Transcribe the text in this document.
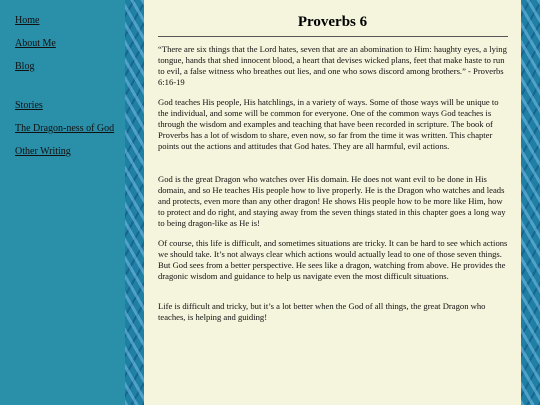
Home
About Me
Blog
Stories
The Dragon-ness of God
Other Writing
Proverbs 6

“There are six things that the Lord hates, seven that are an abomination to Him: haughty eyes, a lying tongue, hands that shed innocent blood, a heart that devises wicked plans, feet that make haste to run to evil, a false witness who breathes out lies, and one who sows discord among brothers.” - Proverbs 6:16-19

God teaches His people, His hatchlings, in a variety of ways. Some of those ways will be unique to the individual, and some will be common for everyone. One of the common ways God teaches is through the wisdom and examples and teaching that have been recorded in scripture. The book of Proverbs has a lot of wisdom to share, even now, so far from the time it was written. This chapter points out the actions and attitudes that God hates. They are all harmful, evil actions.

God is the great Dragon who watches over His domain. He does not want evil to be done in His domain, and so He teaches His people how to live properly. He is the Dragon who watches and leads and protects, even more than any other dragon! He shows His people how to be more like Him, how to protect and do right, and staying away from the seven things stated in this chapter goes a long way to being dragon-like as He is!

Of course, this life is difficult, and sometimes situations are tricky. It can be hard to see which actions we should take. It’s not always clear which actions would actually lead to one of those seven things. But God sees from a better perspective. He sees like a dragon, watching from above. He provides the dragonic wisdom and guidance to help us navigate even the most difficult situations.

Life is difficult and tricky, but it’s a lot better when the God of all things, the great Dragon who teaches, is helping and guiding!
